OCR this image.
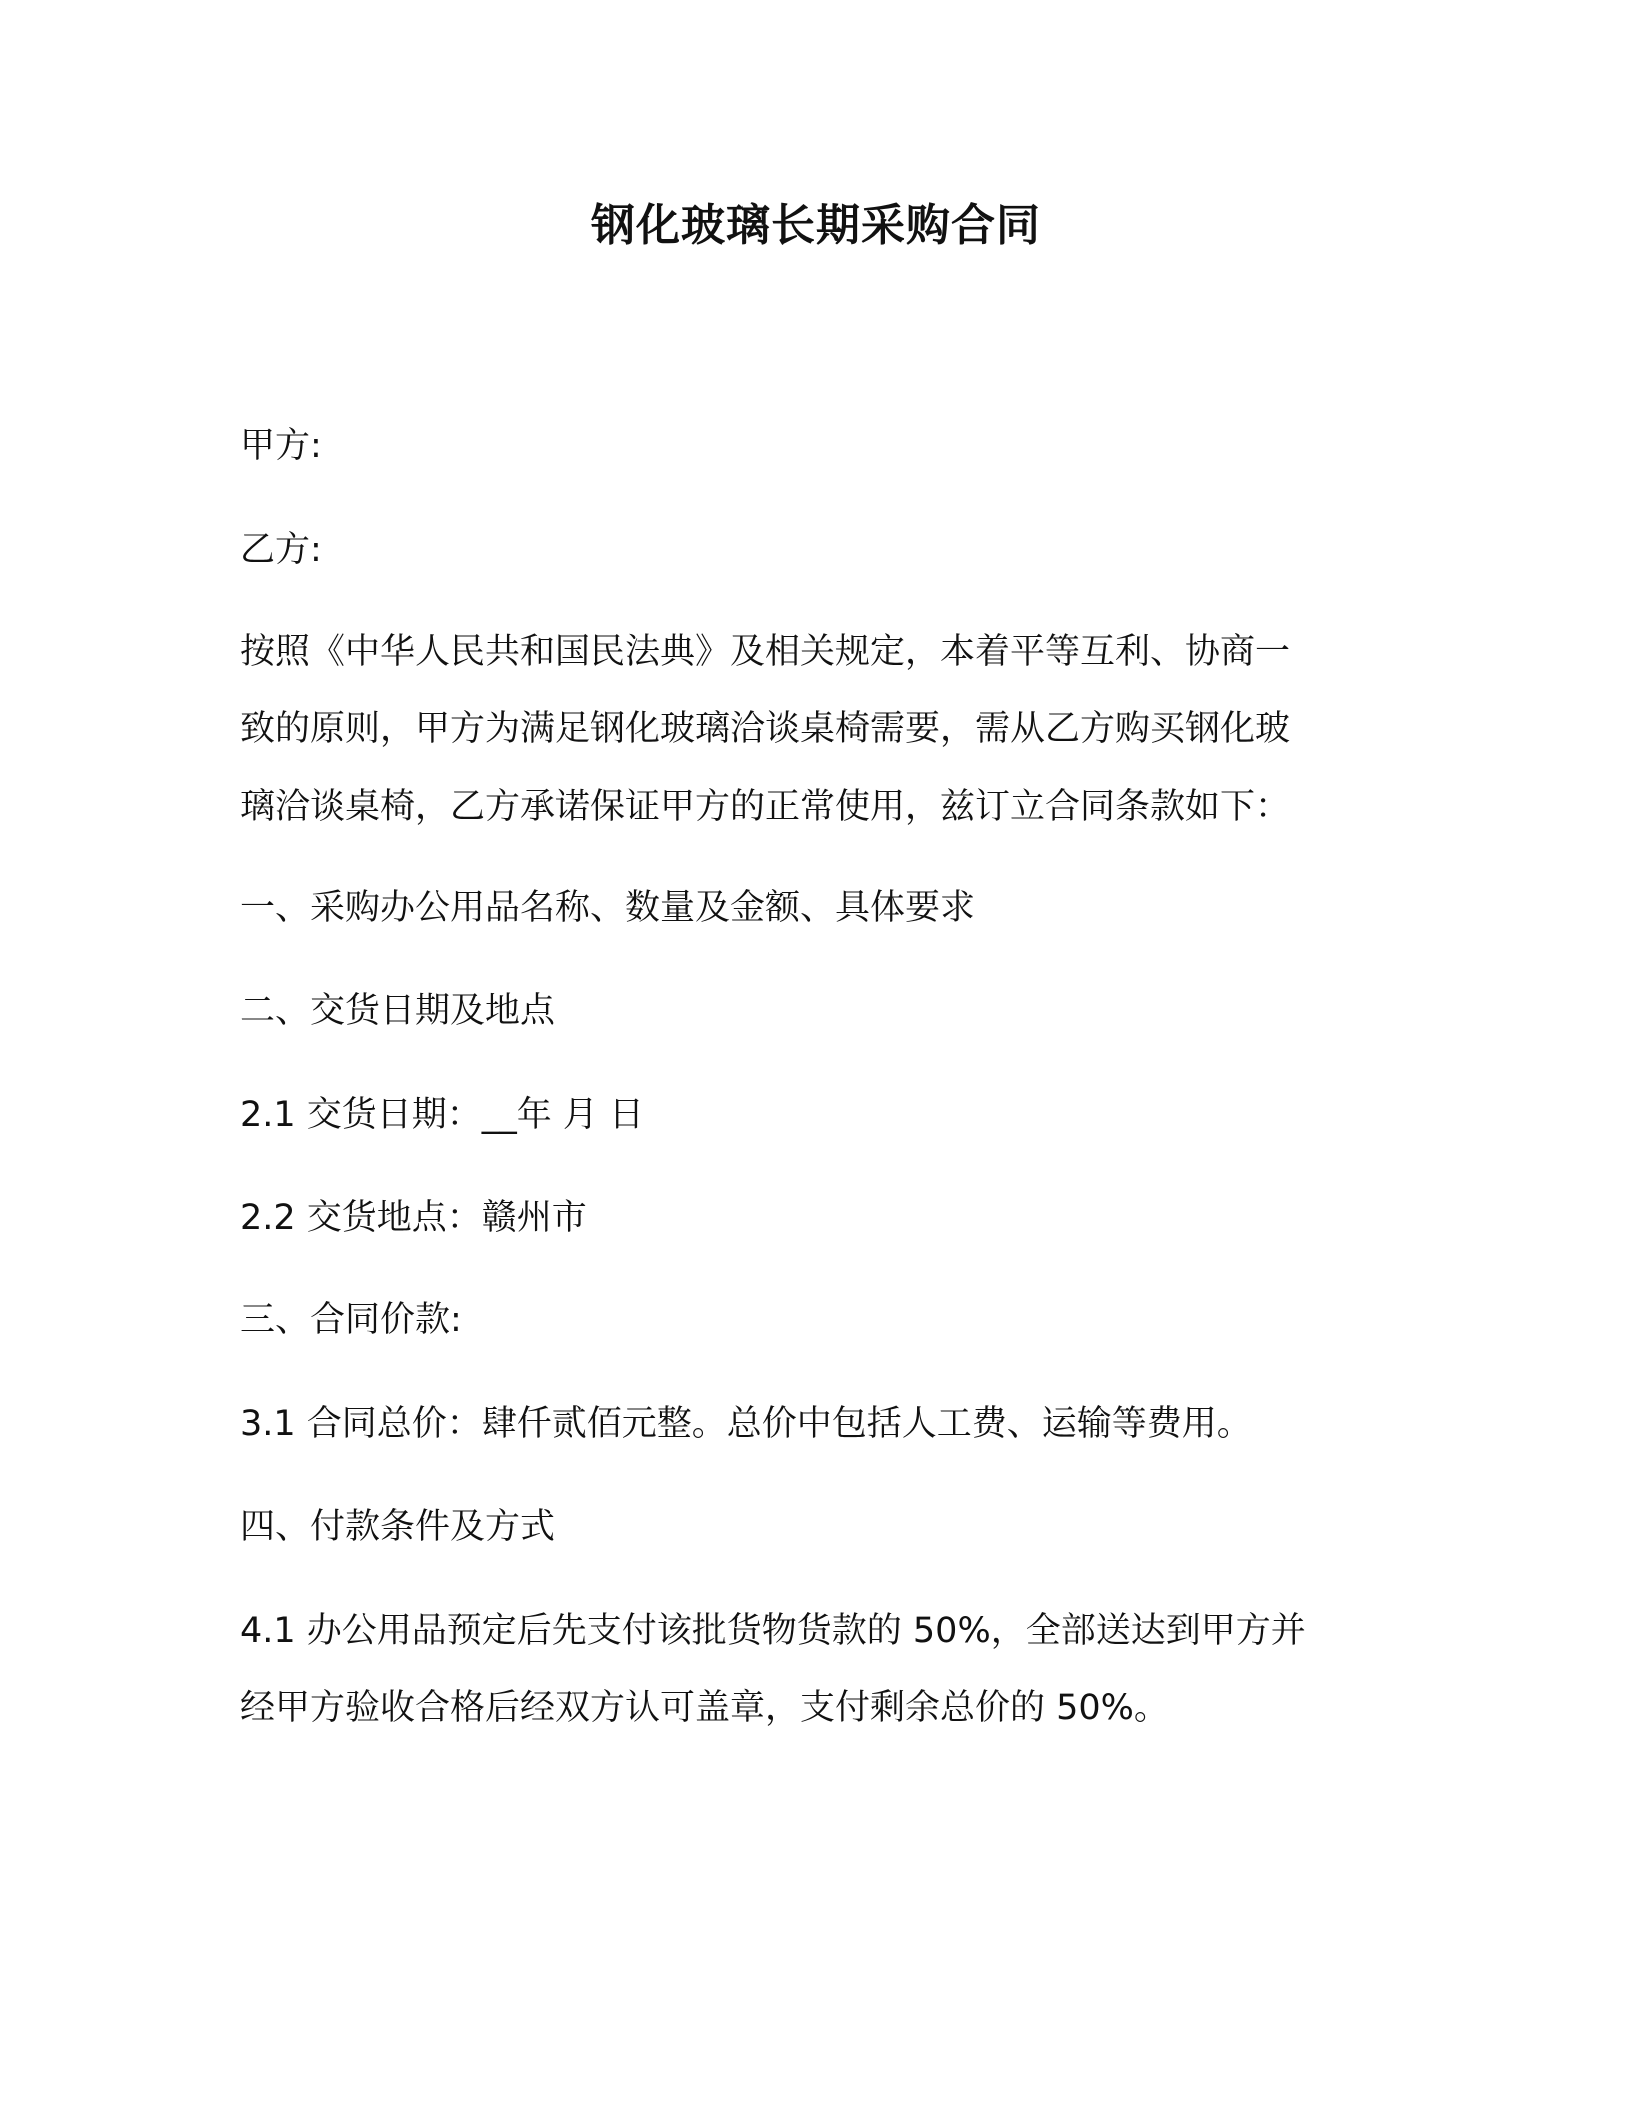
钢化玻璃长期采购合同
甲方:
乙方:
按照《中华人民共和国民法典》及相关规定，本着平等互利、协商一
致的原则，甲方为满足钢化玻璃洽谈桌椅需要，需从乙方购买钢化玻
璃洽谈桌椅，乙方承诺保证甲方的正常使用，兹订立合同条款如下：
一、采购办公用品名称、数量及金额、具体要求
二、交货日期及地点
2.1 交货日期：__年 月 日
2.2 交货地点：赣州市
三、合同价款:
3.1 合同总价：肆仟贰佰元整。总价中包括人工费、运输等费用。
四、付款条件及方式
4.1 办公用品预定后先支付该批货物货款的 50%，全部送达到甲方并
经甲方验收合格后经双方认可盖章，支付剩余总价的 50%。
